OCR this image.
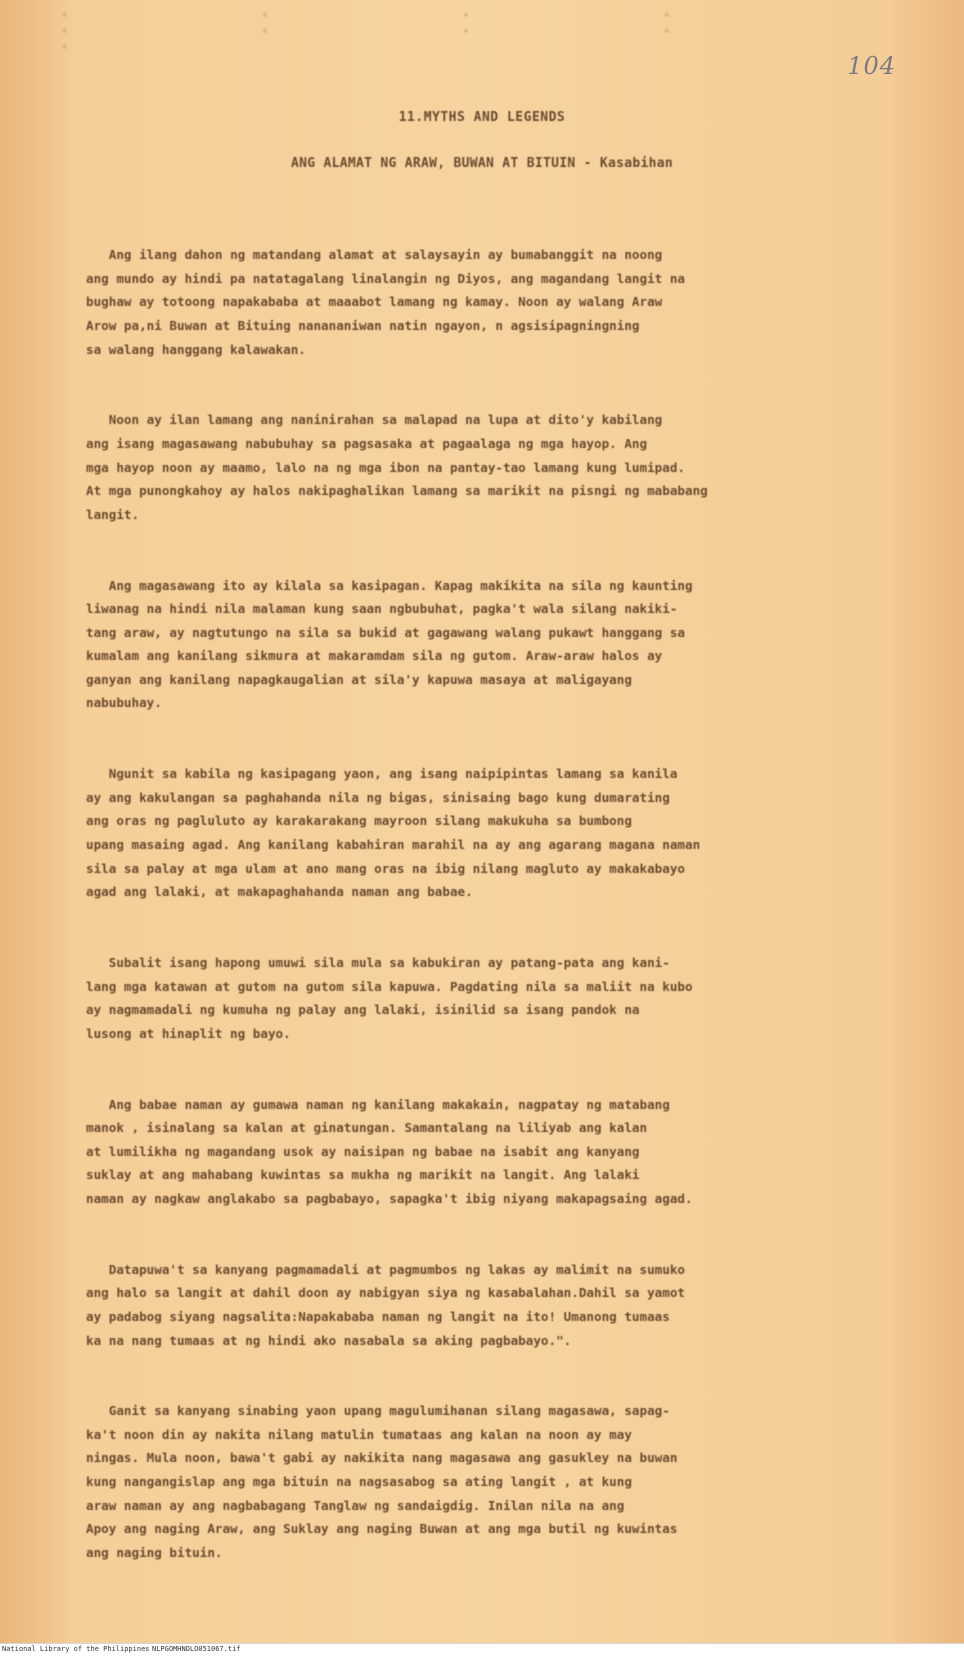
* * * * * * * * *
104
11.MYTHS AND LEGENDS
ANG ALAMAT NG ARAW, BUWAN AT BITUIN - Kasabihan

Ang ilang dahon ng matandang alamat at salaysayin ay bumabanggit na noong
ang mundo ay hindi pa natatagalang linalangin ng Diyos, ang magandang langit na
bughaw ay totoong napakababa at maaabot lamang ng kamay. Noon ay walang Araw
Arow pa,ni Buwan at Bituing nanananiwan natin ngayon, n agsisipagningning
sa walang hanggang kalawakan.

Noon ay ilan lamang ang naninirahan sa malapad na lupa at dito'y kabilang
ang isang magasawang nabubuhay sa pagsasaka at pagaalaga ng mga hayop. Ang
mga hayop noon ay maamo, lalo na ng mga ibon na pantay-tao lamang kung lumipad.
At mga punongkahoy ay halos nakipaghalikan lamang sa marikit na pisngi ng mababang
langit.

Ang magasawang ito ay kilala sa kasipagan. Kapag makikita na sila ng kaunting
liwanag na hindi nila malaman kung saan ngbubuhat, pagka't wala silang nakiki-
tang araw, ay nagtutungo na sila sa bukid at gagawang walang pukawt hanggang sa
kumalam ang kanilang sikmura at makaramdam sila ng gutom. Araw-araw halos ay
ganyan ang kanilang napagkaugalian at sila'y kapuwa masaya at maligayang
nabubuhay.

Ngunit sa kabila ng kasipagang yaon, ang isang naipipintas lamang sa kanila
ay ang kakulangan sa paghahanda nila ng bigas, sinisaing bago kung dumarating
ang oras ng pagluluto ay karakarakang mayroon silang makukuha sa bumbong
upang masaing agad. Ang kanilang kabahiran marahil na ay ang agarang magana naman
sila sa palay at mga ulam at ano mang oras na ibig nilang magluto ay makakabayo
agad ang lalaki, at makapaghahanda naman ang babae.

Subalit isang hapong umuwi sila mula sa kabukiran ay patang-pata ang kani-
lang mga katawan at gutom na gutom sila kapuwa. Pagdating nila sa maliit na kubo
ay nagmamadali ng kumuha ng palay ang lalaki, isinilid sa isang pandok na
lusong at hinaplit ng bayo.

Ang babae naman ay gumawa naman ng kanilang makakain, nagpatay ng matabang
manok , isinalang sa kalan at ginatungan. Samantalang na liliyab ang kalan
at lumilikha ng magandang usok ay naisipan ng babae na isabit ang kanyang
suklay at ang mahabang kuwintas sa mukha ng marikit na langit. Ang lalaki
naman ay nagkaw anglakabo sa pagbabayo, sapagka't ibig niyang makapagsaing agad.

Datapuwa't sa kanyang pagmamadali at pagmumbos ng lakas ay malimit na sumuko
ang halo sa langit at dahil doon ay nabigyan siya ng kasabalahan.Dahil sa yamot
ay padabog siyang nagsalita:Napakababa naman ng langit na ito! Umanong tumaas
ka na nang tumaas at ng hindi ako nasabala sa aking pagbabayo.".

Ganit sa kanyang sinabing yaon upang magulumihanan silang magasawa, sapag-
ka't noon din ay nakita nilang matulin tumataas ang kalan na noon ay may
ningas. Mula noon, bawa't gabi ay nakikita nang magasawa ang gasukley na buwan
kung nangangislap ang mga bituin na nagsasabog sa ating langit , at kung
araw naman ay ang nagbabagang Tanglaw ng sandaigdig. Inilan nila na ang
Apoy ang naging Araw, ang Suklay ang naging Buwan at ang mga butil ng kuwintas
ang naging bituin.

National Library of the Philippines NLPGOMHNDLO051067.tif
